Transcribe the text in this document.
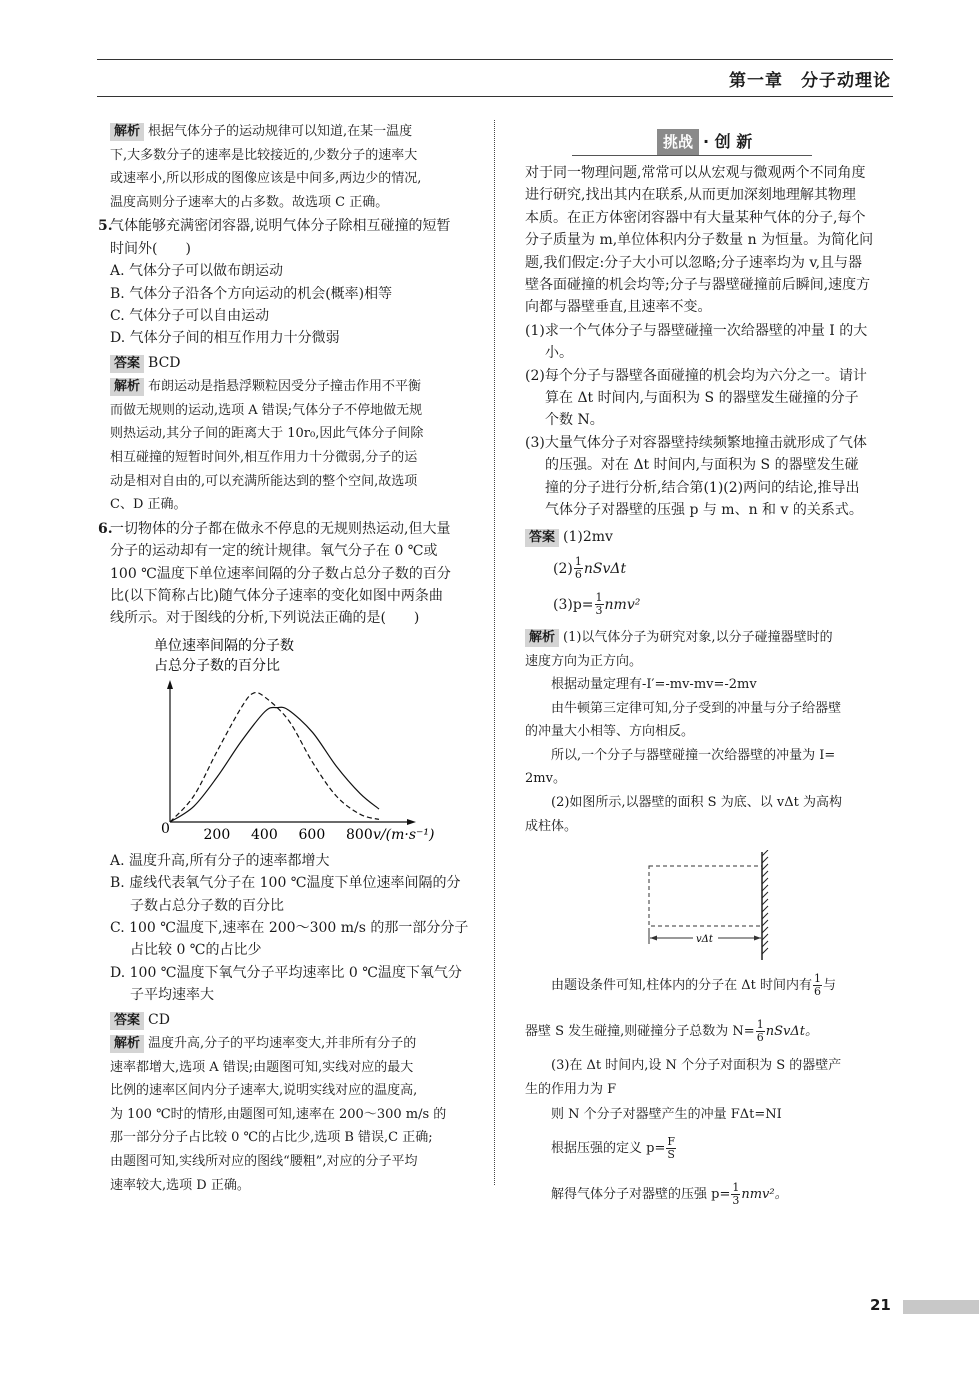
第一章　分子动理论
解析 根据气体分子的运动规律可以知道,在某一温度
下,大多数分子的速率是比较接近的,少数分子的速率大
或速率小,所以形成的图像应该是中间多,两边少的情况,
温度高则分子速率大的占多数。故选项 C 正确。

5.气体能够充满密闭容器,说明气体分子除相互碰撞的短暂

时间外(　　)

A. 气体分子可以做布朗运动

B. 气体分子沿各个方向运动的机会(概率)相等

C. 气体分子可以自由运动

D. 气体分子间的相互作用力十分微弱

答案 BCD

解析 布朗运动是指悬浮颗粒因受分子撞击作用不平衡
而做无规则的运动,选项 A 错误;气体分子不停地做无规
则热运动,其分子间的距离大于 10r₀,因此气体分子间除
相互碰撞的短暂时间外,相互作用力十分微弱,分子的运
动是相对自由的,可以充满所能达到的整个空间,故选项
C、D 正确。

6.一切物体的分子都在做永不停息的无规则热运动,但大量

分子的运动却有一定的统计规律。氧气分子在 0 ℃或

100 ℃温度下单位速率间隔的分子数占总分子数的百分

比(以下简称占比)随气体分子速率的变化如图中两条曲

线所示。对于图线的分析,下列说法正确的是(　　)

单位速率间隔的分子数
占总分子数的百分比
0	v/(m·s⁻¹)
200 400 600 800

A. 温度升高,所有分子的速率都增大

B. 虚线代表氧气分子在 100 ℃温度下单位速率间隔的分
子数占总分子数的百分比

C. 100 ℃温度下,速率在 200～300 m/s 的那一部分分子
占比较 0 ℃的占比少

D. 100 ℃温度下氧气分子平均速率比 0 ℃温度下氧气分
子平均速率大

答案 CD

解析 温度升高,分子的平均速率变大,并非所有分子的
速率都增大,选项 A 错误;由题图可知,实线对应的最大
比例的速率区间内分子速率大,说明实线对应的温度高,
为 100 ℃时的情形,由题图可知,速率在 200～300 m/s 的
那一部分分子占比较 0 ℃的占比少,选项 B 错误,C 正确;
由题图可知,实线所对应的图线“腰粗”,对应的分子平均
速率较大,选项 D 正确。
挑战 · 创 新

对于同一物理问题,常常可以从宏观与微观两个不同角度

进行研究,找出其内在联系,从而更加深刻地理解其物理

本质。在正方体密闭容器中有大量某种气体的分子,每个

分子质量为 m,单位体积内分子数量 n 为恒量。为简化问

题,我们假定:分子大小可以忽略;分子速率均为 v,且与器

壁各面碰撞的机会均等;分子与器壁碰撞前后瞬间,速度方

向都与器壁垂直,且速率不变。

(1)求一个气体分子与器壁碰撞一次给器壁的冲量 I 的大小。

(2)每个分子与器壁各面碰撞的机会均为六分之一。请计
算在 Δt 时间内,与面积为 S 的器壁发生碰撞的分子
个数 N。

(3)大量气体分子对容器壁持续频繁地撞击就形成了气体
的压强。对在 Δt 时间内,与面积为 S 的器壁发生碰
撞的分子进行分析,结合第(1)(2)两问的结论,推导出
气体分子对器壁的压强 p 与 m、n 和 v 的关系式。

答案 (1)2mv

$(2) \frac{1}{6}$ nSvΔt

$(3)p= \frac{1}{3} nmv^2$

解析 (1)以气体分子为研究对象,以分子碰撞器壁时的
速度方向为正方向。
根据动量定理有-I′=-mv-mv=-2mv
由牛顿第三定律可知,分子受到的冲量与分子给器壁
的冲量大小相等、方向相反。
所以,一个分子与器壁碰撞一次给器壁的冲量为 I=
2mv。
(2)如图所示,以器壁的面积 S 为底、以 vΔt 为高构
成柱体。
vΔt

由题设条件可知,柱体内的分子在 Δt 时间内有 $\frac{1}{6}$ 与

器壁 S 发生碰撞,则碰撞分子总数为 $N= \frac{1}{6}$ nSvΔt。

(3)在 Δt 时间内,设 N 个分子对面积为 S 的器壁产

生的作用力为 F

则 N 个分子对器壁产生的冲量 FΔt=NI

根据压强的定义 $p= \frac{F}{S}$

解得气体分子对器壁的压强 $p= \frac{1}{3} nmv^2$。

21
